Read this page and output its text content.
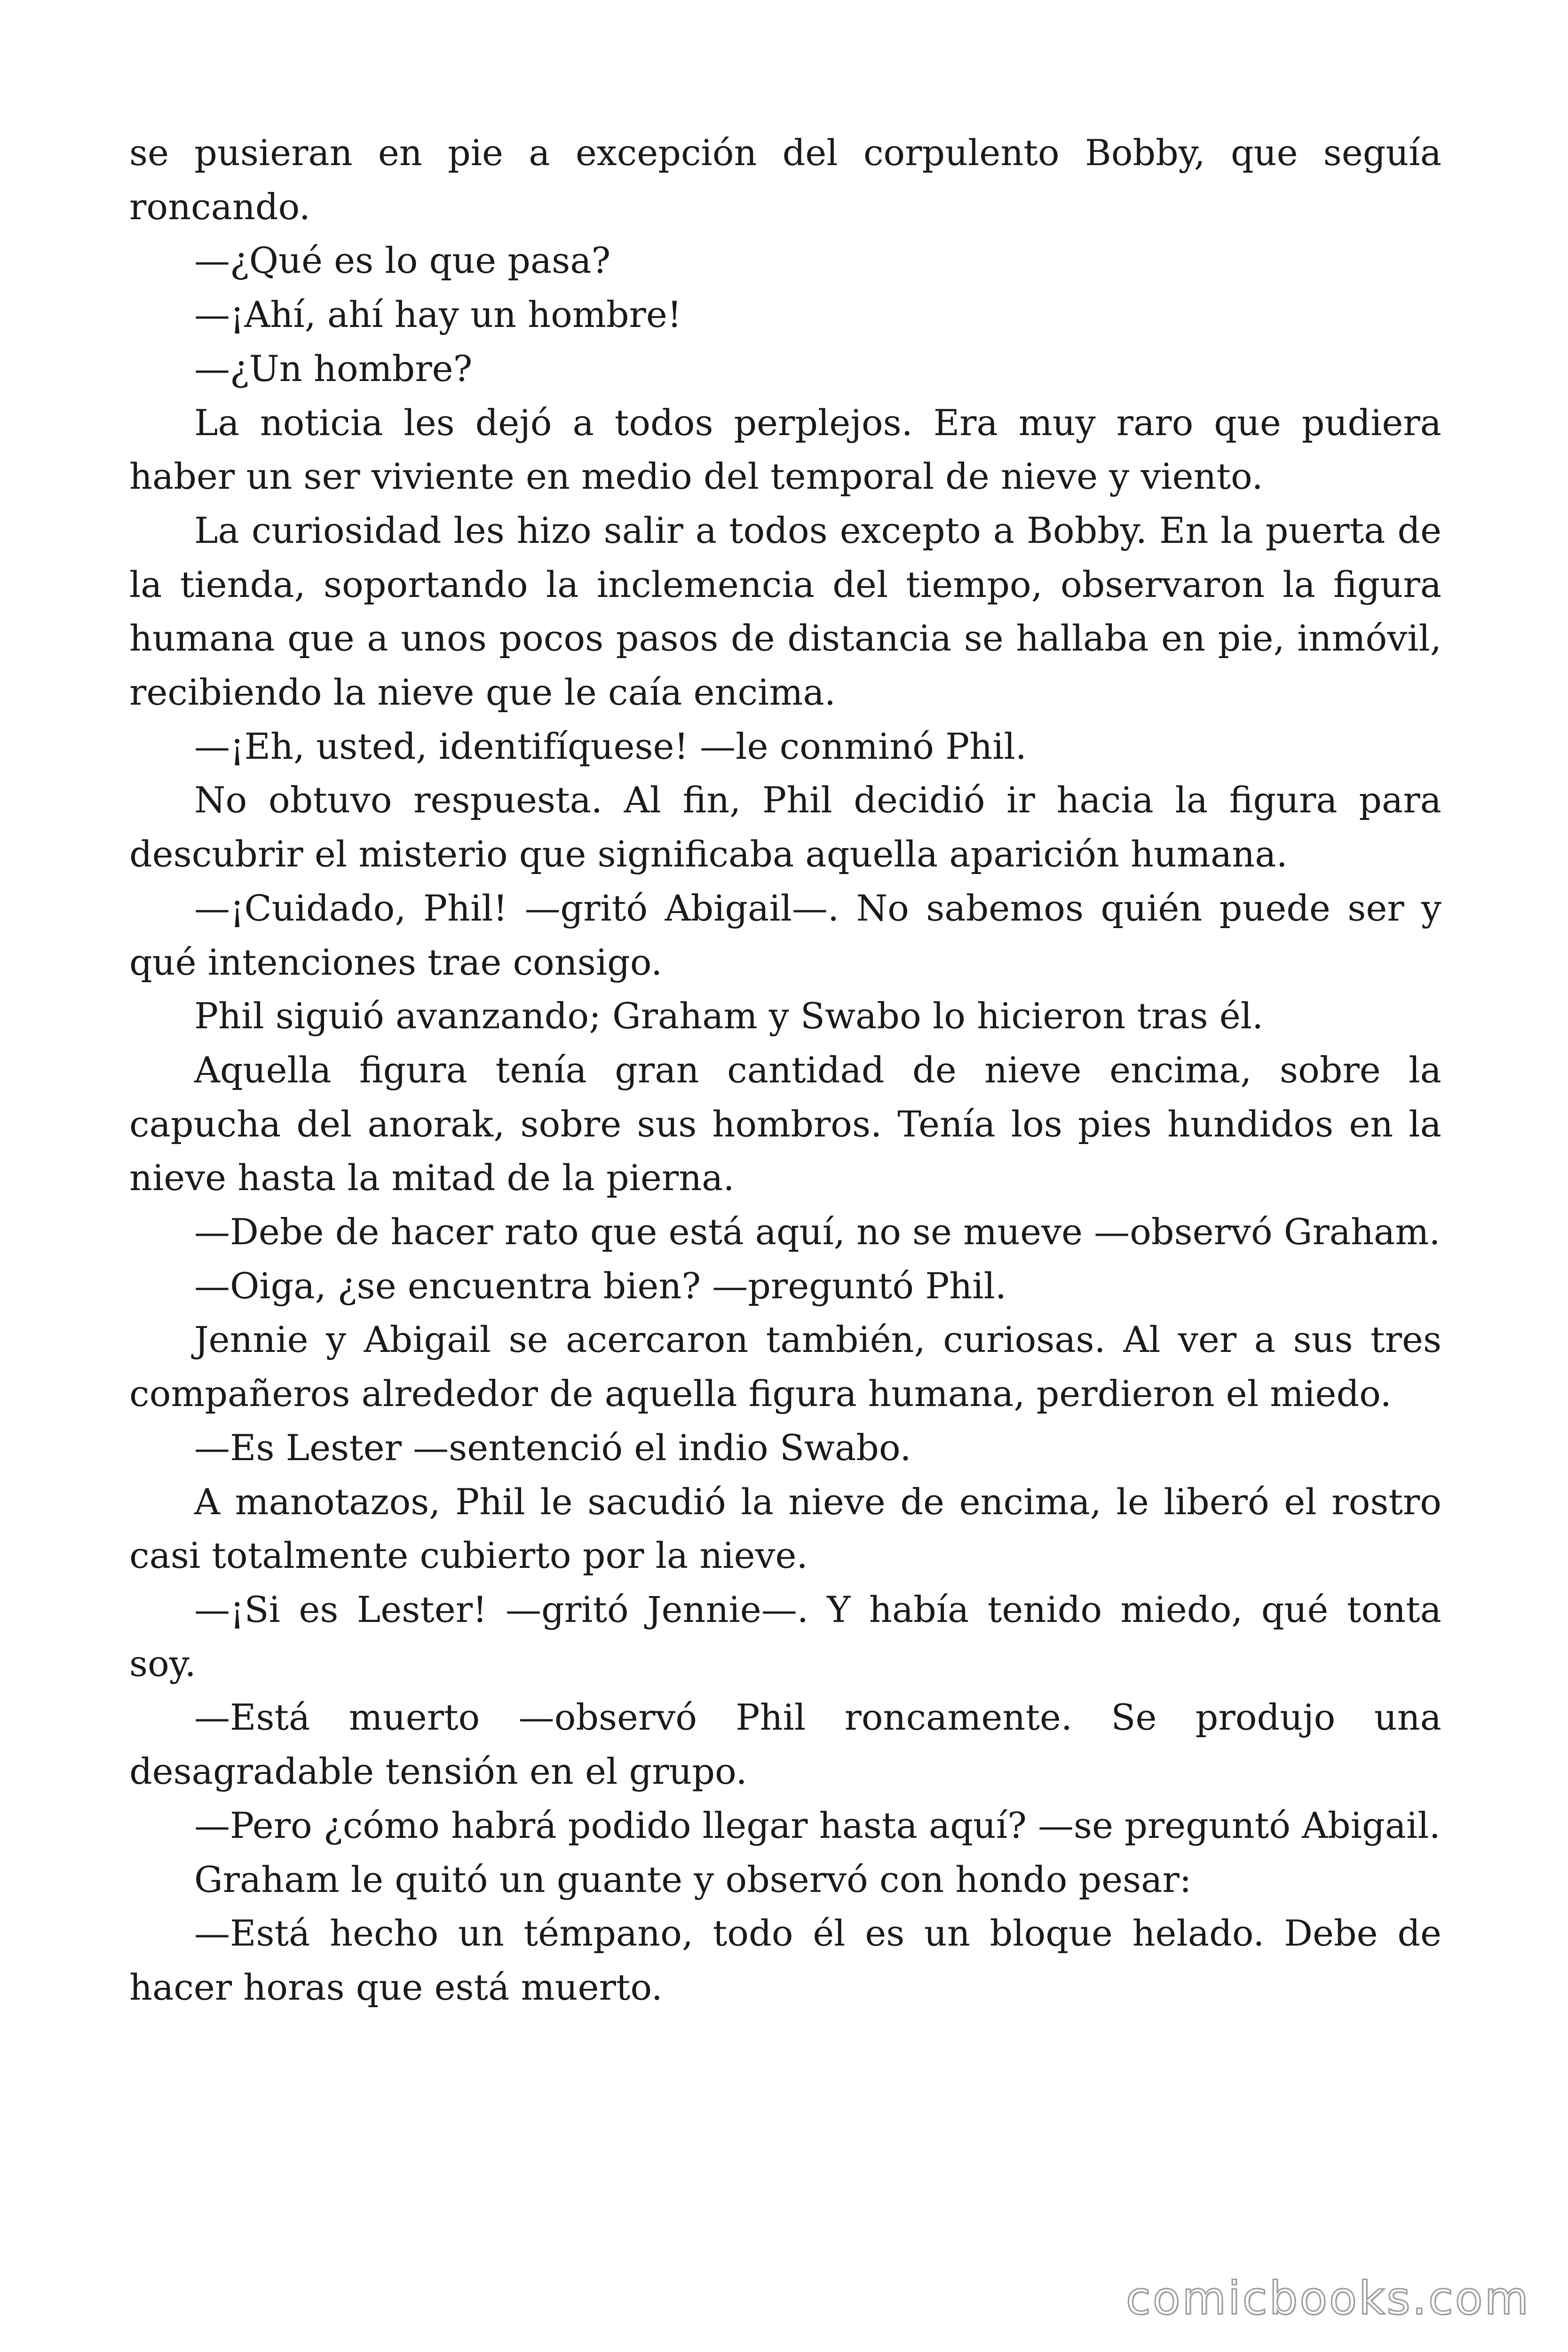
se pusieran en pie a excepción del corpulento Bobby, que seguía roncando.

—¿Qué es lo que pasa?

—¡Ahí, ahí hay un hombre!

—¿Un hombre?

La noticia les dejó a todos perplejos. Era muy raro que pudiera haber un ser viviente en medio del temporal de nieve y viento.

La curiosidad les hizo salir a todos excepto a Bobby. En la puerta de la tienda, soportando la inclemencia del tiempo, observaron la figura humana que a unos pocos pasos de distancia se hallaba en pie, inmóvil, recibiendo la nieve que le caía encima.

—¡Eh, usted, identifíquese! —le conminó Phil.

No obtuvo respuesta. Al fin, Phil decidió ir hacia la figura para descubrir el misterio que significaba aquella aparición humana.

—¡Cuidado, Phil! —gritó Abigail—. No sabemos quién puede ser y qué intenciones trae consigo.

Phil siguió avanzando; Graham y Swabo lo hicieron tras él.

Aquella figura tenía gran cantidad de nieve encima, sobre la capucha del anorak, sobre sus hombros. Tenía los pies hundidos en la nieve hasta la mitad de la pierna.

—Debe de hacer rato que está aquí, no se mueve —observó Graham.

—Oiga, ¿se encuentra bien? —preguntó Phil.

Jennie y Abigail se acercaron también, curiosas. Al ver a sus tres compañeros alrededor de aquella figura humana, perdieron el miedo.

—Es Lester —sentenció el indio Swabo.

A manotazos, Phil le sacudió la nieve de encima, le liberó el rostro casi totalmente cubierto por la nieve.

—¡Si es Lester! —gritó Jennie—. Y había tenido miedo, qué tonta soy.

—Está muerto —observó Phil roncamente. Se produjo una desagradable tensión en el grupo.

—Pero ¿cómo habrá podido llegar hasta aquí? —se preguntó Abigail.

Graham le quitó un guante y observó con hondo pesar:

—Está hecho un témpano, todo él es un bloque helado. Debe de hacer horas que está muerto.

comicbooks.com
